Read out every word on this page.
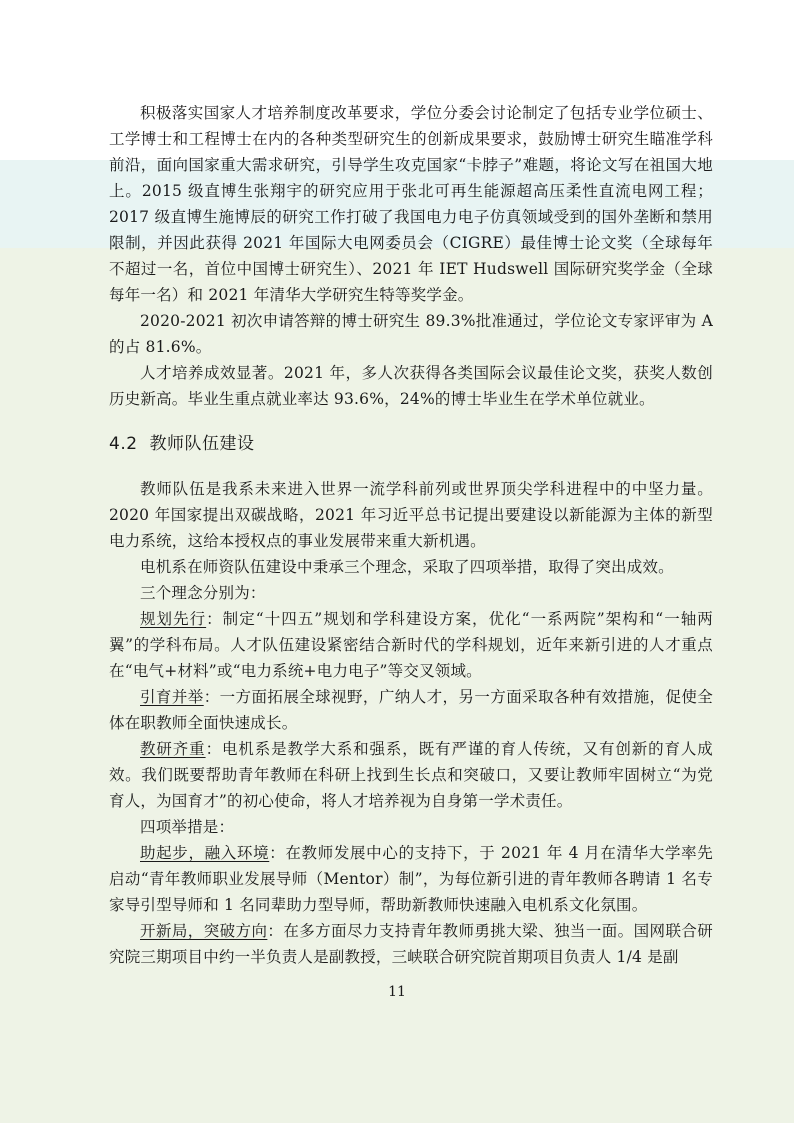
积极落实国家人才培养制度改革要求，学位分委会讨论制定了包括专业学位硕士、工学博士和工程博士在内的各种类型研究生的创新成果要求，鼓励博士研究生瞄准学科前沿，面向国家重大需求研究，引导学生攻克国家“卡脖子”难题，将论文写在祖国大地上。2015 级直博生张翔宇的研究应用于张北可再生能源超高压柔性直流电网工程；2017 级直博生施博辰的研究工作打破了我国电力电子仿真领域受到的国外垄断和禁用限制，并因此获得 2021 年国际大电网委员会（CIGRE）最佳博士论文奖（全球每年不超过一名，首位中国博士研究生）、2021 年 IET Hudswell 国际研究奖学金（全球每年一名）和 2021 年清华大学研究生特等奖学金。

2020-2021 初次申请答辩的博士研究生 89.3%批准通过，学位论文专家评审为 A 的占 81.6%。

人才培养成效显著。2021 年，多人次获得各类国际会议最佳论文奖，获奖人数创历史新高。毕业生重点就业率达 93.6%，24%的博士毕业生在学术单位就业。

4.2 教师队伍建设

教师队伍是我系未来进入世界一流学科前列或世界顶尖学科进程中的中坚力量。2020 年国家提出双碳战略，2021 年习近平总书记提出要建设以新能源为主体的新型电力系统，这给本授权点的事业发展带来重大新机遇。

电机系在师资队伍建设中秉承三个理念，采取了四项举措，取得了突出成效。

三个理念分别为：

规划先行：制定“十四五”规划和学科建设方案，优化“一系两院”架构和“一轴两翼”的学科布局。人才队伍建设紧密结合新时代的学科规划，近年来新引进的人才重点在“电气+材料”或“电力系统+电力电子”等交叉领域。

引育并举：一方面拓展全球视野，广纳人才，另一方面采取各种有效措施，促使全体在职教师全面快速成长。

教研齐重：电机系是教学大系和强系，既有严谨的育人传统，又有创新的育人成效。我们既要帮助青年教师在科研上找到生长点和突破口，又要让教师牢固树立“为党育人，为国育才”的初心使命，将人才培养视为自身第一学术责任。

四项举措是：

助起步，融入环境：在教师发展中心的支持下，于 2021 年 4 月在清华大学率先启动“青年教师职业发展导师（Mentor）制”，为每位新引进的青年教师各聘请 1 名专家导引型导师和 1 名同辈助力型导师，帮助新教师快速融入电机系文化氛围。

开新局，突破方向：在多方面尽力支持青年教师勇挑大梁、独当一面。国网联合研究院三期项目中约一半负责人是副教授，三峡联合研究院首期项目负责人 1/4 是副

11
